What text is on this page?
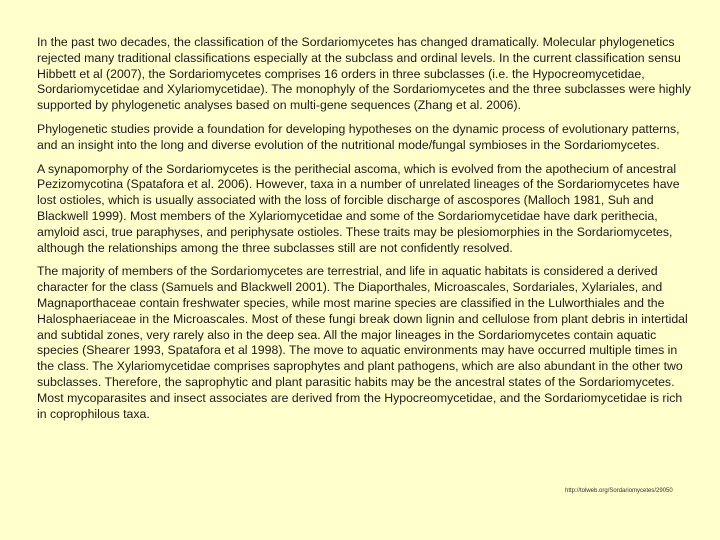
In the past two decades, the classification of the Sordariomycetes has changed dramatically. Molecular phylogenetics rejected many traditional classifications especially at the subclass and ordinal levels. In the current classification sensu Hibbett et al (2007), the Sordariomycetes comprises 16 orders in three subclasses (i.e. the Hypocreomycetidae, Sordariomycetidae and Xylariomycetidae). The monophyly of the Sordariomycetes and the three subclasses were highly supported by phylogenetic analyses based on multi-gene sequences (Zhang et al. 2006).

Phylogenetic studies provide a foundation for developing hypotheses on the dynamic process of evolutionary patterns, and an insight into the long and diverse evolution of the nutritional mode/fungal symbioses in the Sordariomycetes.

A synapomorphy of the Sordariomycetes is the perithecial ascoma, which is evolved from the apothecium of ancestral Pezizomycotina (Spatafora et al. 2006). However, taxa in a number of unrelated lineages of the Sordariomycetes have lost ostioles, which is usually associated with the loss of forcible discharge of ascospores (Malloch 1981, Suh and Blackwell 1999). Most members of the Xylariomycetidae and some of the Sordariomycetidae have dark perithecia, amyloid asci, true paraphyses, and periphysate ostioles. These traits may be plesiomorphies in the Sordariomycetes, although the relationships among the three subclasses still are not confidently resolved.

The majority of members of the Sordariomycetes are terrestrial, and life in aquatic habitats is considered a derived character for the class (Samuels and Blackwell 2001). The Diaporthales, Microascales, Sordariales, Xylariales, and Magnaporthaceae contain freshwater species, while most marine species are classified in the Lulworthiales and the Halosphaeriaceae in the Microascales. Most of these fungi break down lignin and cellulose from plant debris in intertidal and subtidal zones, very rarely also in the deep sea. All the major lineages in the Sordariomycetes contain aquatic species (Shearer 1993, Spatafora et al 1998). The move to aquatic environments may have occurred multiple times in the class. The Xylariomycetidae comprises saprophytes and plant pathogens, which are also abundant in the other two subclasses. Therefore, the saprophytic and plant parasitic habits may be the ancestral states of the Sordariomycetes. Most mycoparasites and insect associates are derived from the Hypocreomycetidae, and the Sordariomycetidae is rich in coprophilous taxa.

http://tolweb.org/Sordariomycetes/29050
